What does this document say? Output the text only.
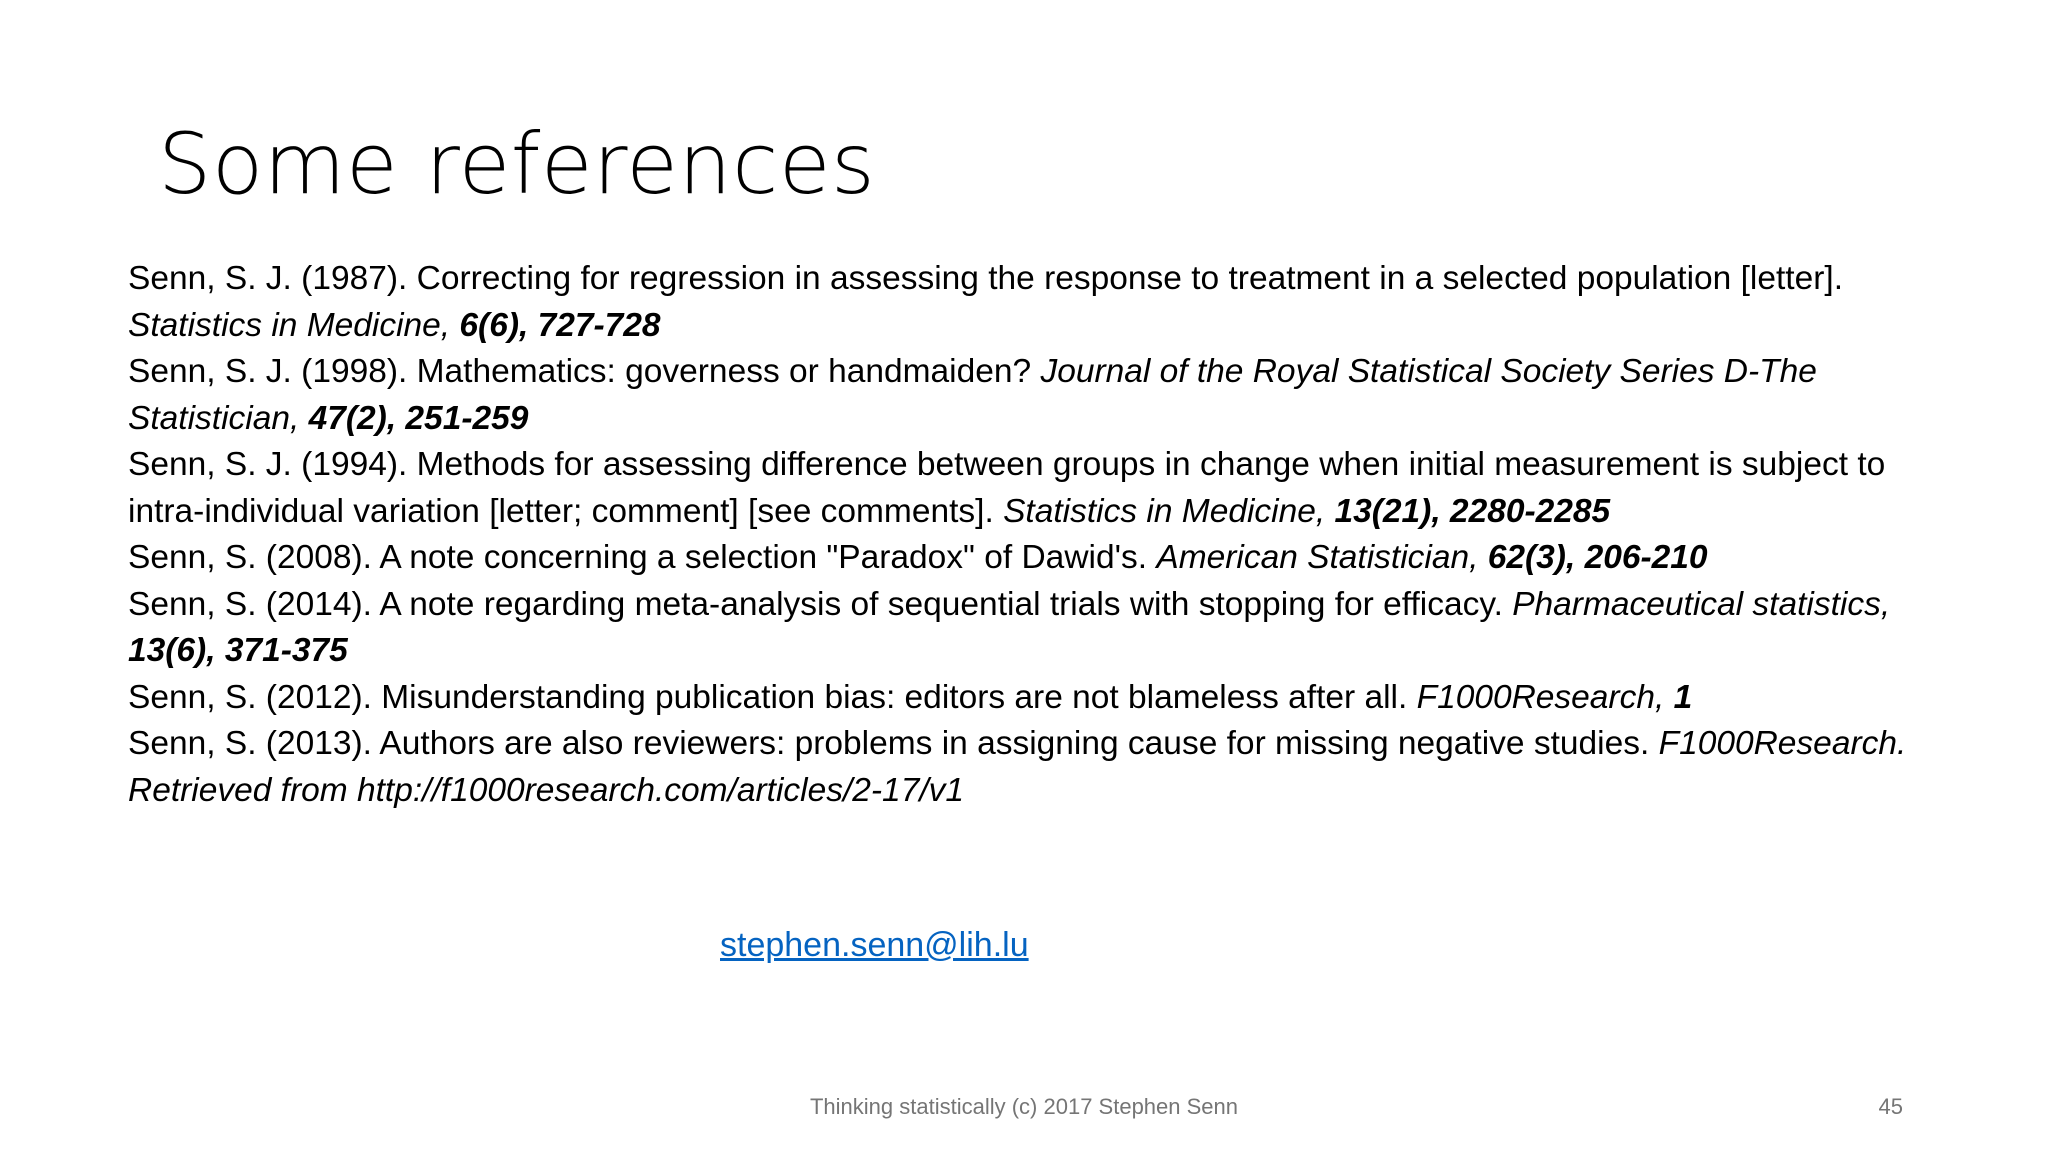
Some references
Senn, S. J. (1987). Correcting for regression in assessing the response to treatment in a selected population [letter]. Statistics in Medicine, 6(6), 727-728
Senn, S. J. (1998). Mathematics: governess or handmaiden? Journal of the Royal Statistical Society Series D-The Statistician, 47(2), 251-259
Senn, S. J. (1994). Methods for assessing difference between groups in change when initial measurement is subject to intra-individual variation [letter; comment] [see comments]. Statistics in Medicine, 13(21), 2280-2285
Senn, S. (2008). A note concerning a selection "Paradox" of Dawid's. American Statistician, 62(3), 206-210
Senn, S. (2014). A note regarding meta-analysis of sequential trials with stopping for efficacy. Pharmaceutical statistics, 13(6), 371-375
Senn, S. (2012). Misunderstanding publication bias: editors are not blameless after all. F1000Research, 1
Senn, S. (2013). Authors are also reviewers: problems in assigning cause for missing negative studies. F1000Research. Retrieved from http://f1000research.com/articles/2-17/v1
stephen.senn@lih.lu
Thinking statistically (c) 2017 Stephen Senn	45
